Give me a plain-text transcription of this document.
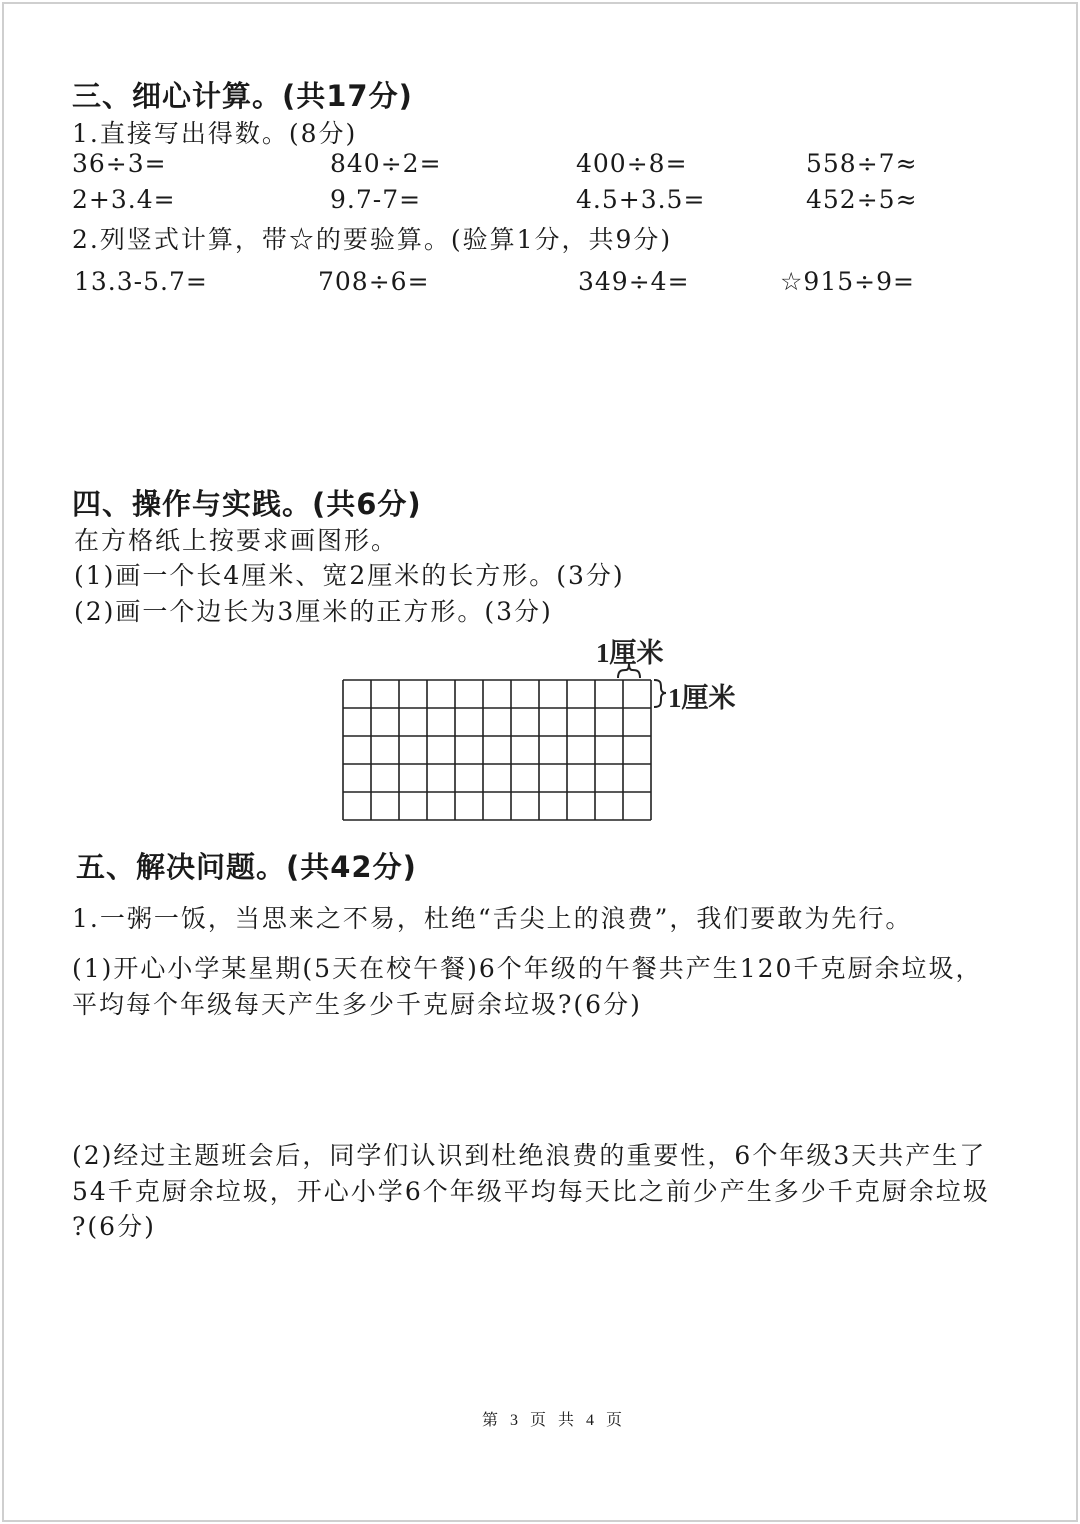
三、细心计算。(共17分)
1.直接写出得数。(8分)
36÷3=	840÷2=	400÷8=	558÷7≈
2+3.4=	9.7-7=	4.5+3.5=	452÷5≈
2.列竖式计算，带☆的要验算。(验算1分，共9分)
13.3-5.7=	708÷6=	349÷4=	☆915÷9=
四、操作与实践。(共6分)
在方格纸上按要求画图形。
(1)画一个长4厘米、宽2厘米的长方形。(3分)
(2)画一个边长为3厘米的正方形。(3分)
1厘米
1厘米
五、解决问题。(共42分)
1.一粥一饭，当思来之不易，杜绝“舌尖上的浪费”，我们要敢为先行。
(1)开心小学某星期(5天在校午餐)6个年级的午餐共产生120千克厨余垃圾，
平均每个年级每天产生多少千克厨余垃圾?(6分)
(2)经过主题班会后，同学们认识到杜绝浪费的重要性，6个年级3天共产生了
54千克厨余垃圾，开心小学6个年级平均每天比之前少产生多少千克厨余垃圾
?(6分)
第 3 页 共 4 页
